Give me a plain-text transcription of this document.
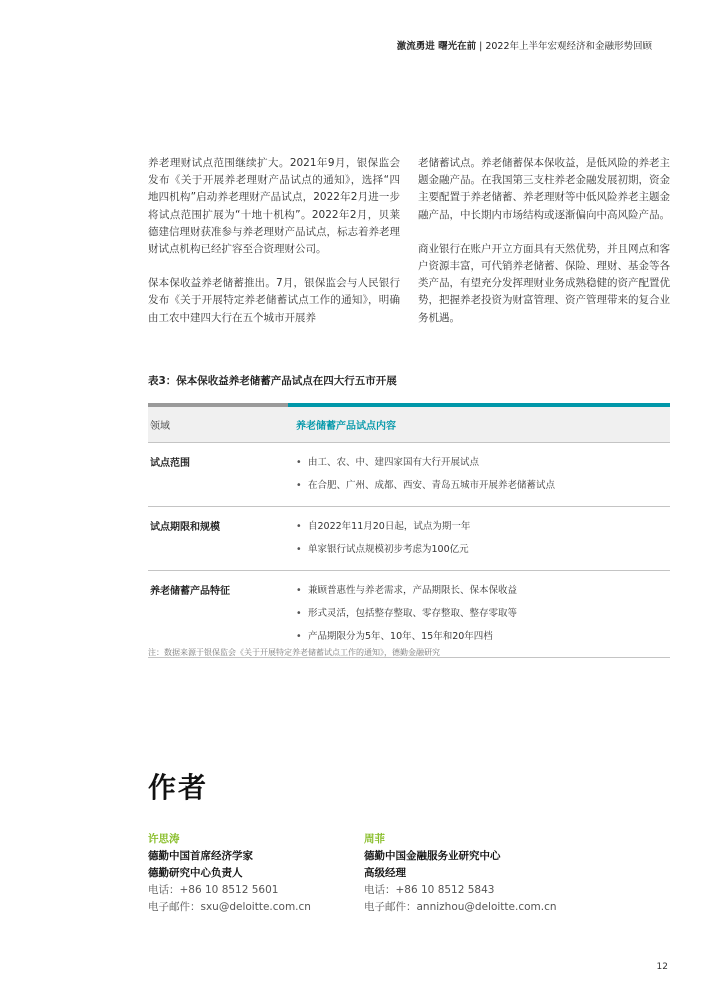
激流勇进 曙光在前 | 2022年上半年宏观经济和金融形势回顾

养老理财试点范围继续扩大。2021年9月，银保监会发布《关于开展养老理财产品试点的通知》，选择“四地四机构”启动养老理财产品试点，2022年2月进一步将试点范围扩展为“十地十机构”。2022年2月，贝莱德建信理财获准参与养老理财产品试点，标志着养老理财试点机构已经扩容至合资理财公司。

保本保收益养老储蓄推出。7月，银保监会与人民银行发布《关于开展特定养老储蓄试点工作的通知》，明确由工农中建四大行在五个城市开展养

老储蓄试点。养老储蓄保本保收益，是低风险的养老主题金融产品。在我国第三支柱养老金融发展初期，资金主要配置于养老储蓄、养老理财等中低风险养老主题金融产品，中长期内市场结构或逐渐偏向中高风险产品。

商业银行在账户开立方面具有天然优势，并且网点和客户资源丰富，可代销养老储蓄、保险、理财、基金等各类产品，有望充分发挥理财业务成熟稳健的资产配置优势，把握养老投资为财富管理、资产管理带来的复合业务机遇。

表3：保本保收益养老储蓄产品试点在四大行五市开展
领域	养老储蓄产品试点内容
试点范围	• 由工、农、中、建四家国有大行开展试点
• 在合肥、广州、成都、西安、青岛五城市开展养老储蓄试点
试点期限和规模	• 自2022年11月20日起，试点为期一年
• 单家银行试点规模初步考虑为100亿元
养老储蓄产品特征	• 兼顾普惠性与养老需求，产品期限长、保本保收益
• 形式灵活，包括整存整取、零存整取、整存零取等
• 产品期限分为5年、10年、15年和20年四档
注：数据来源于银保监会《关于开展特定养老储蓄试点工作的通知》，德勤金融研究
作者
许思涛
德勤中国首席经济学家
德勤研究中心负责人
电话：+86 10 8512 5601
电子邮件：sxu@deloitte.com.cn
周菲
德勤中国金融服务业研究中心
高级经理
电话：+86 10 8512 5843
电子邮件：annizhou@deloitte.com.cn
12
